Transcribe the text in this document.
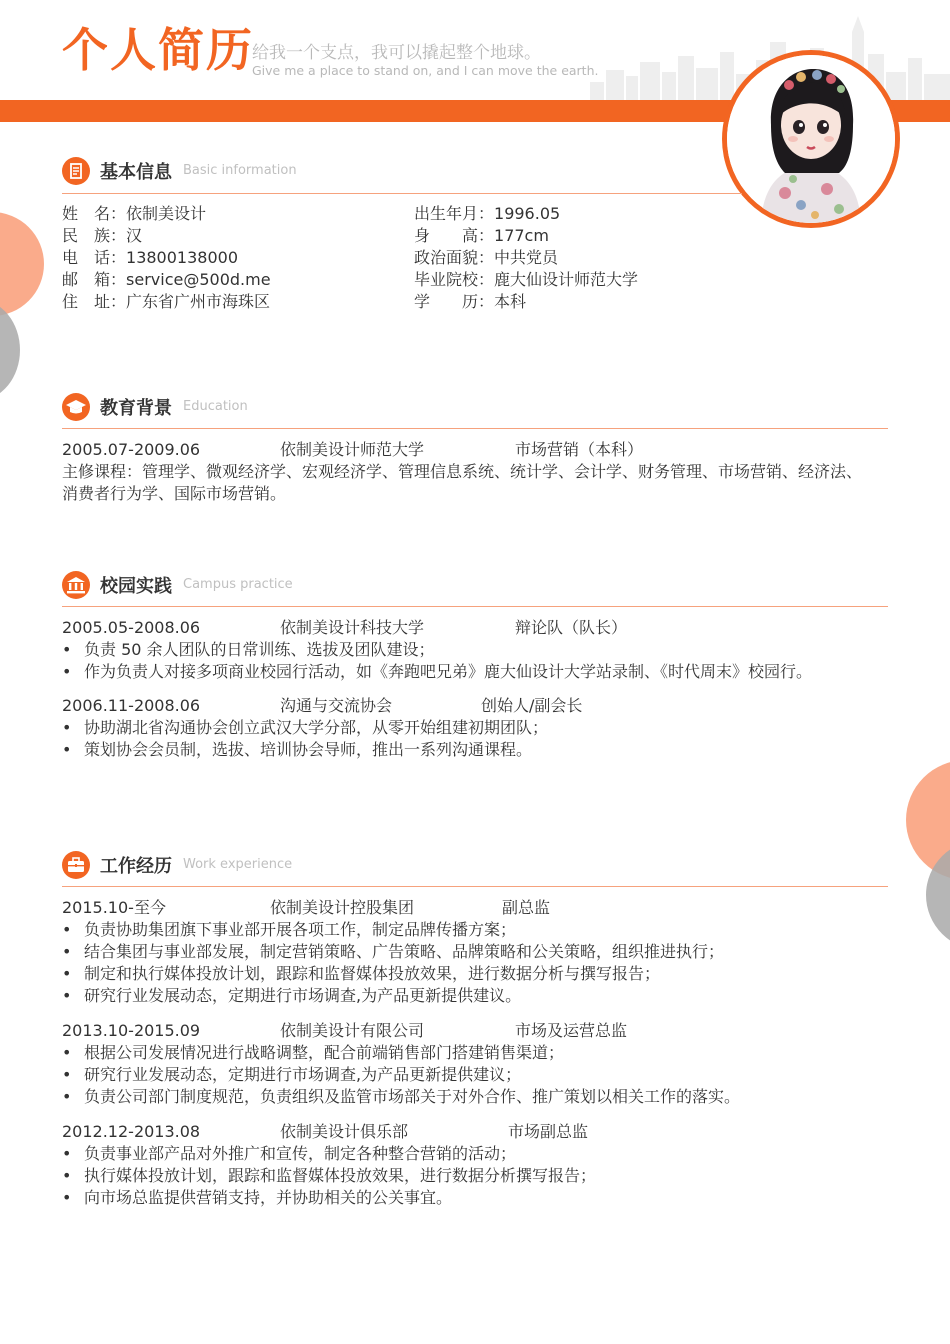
个人简历
给我一个支点，我可以撬起整个地球。
Give me a place to stand on, and I can move the earth.
基本信息 Basic information
姓　名：依制美设计
民　族：汉
电　话：13800138000
邮　箱：service@500d.me
住　址：广东省广州市海珠区
出生年月：1996.05
身　　高：177cm
政治面貌：中共党员
毕业院校：鹿大仙设计师范大学
学　　历：本科
教育背景 Education
2005.07-2009.06	依制美设计师范大学	市场营销（本科）
主修课程：管理学、微观经济学、宏观经济学、管理信息系统、统计学、会计学、财务管理、市场营销、经济法、
消费者行为学、国际市场营销。
校园实践 Campus practice
2005.05-2008.06	依制美设计科技大学	辩论队（队长）
• 负责 50 余人团队的日常训练、选拔及团队建设；
• 作为负责人对接多项商业校园行活动，如《奔跑吧兄弟》鹿大仙设计大学站录制、《时代周末》校园行。
2006.11-2008.06	沟通与交流协会	创始人/副会长
• 协助湖北省沟通协会创立武汉大学分部，从零开始组建初期团队；
• 策划协会会员制，选拔、培训协会导师，推出一系列沟通课程。
工作经历 Work experience
2015.10-至今	依制美设计控股集团	副总监
• 负责协助集团旗下事业部开展各项工作，制定品牌传播方案；
• 结合集团与事业部发展，制定营销策略、广告策略、品牌策略和公关策略，组织推进执行；
• 制定和执行媒体投放计划，跟踪和监督媒体投放效果，进行数据分析与撰写报告；
• 研究行业发展动态，定期进行市场调查,为产品更新提供建议。
2013.10-2015.09	依制美设计有限公司	市场及运营总监
• 根据公司发展情况进行战略调整，配合前端销售部门搭建销售渠道；
• 研究行业发展动态，定期进行市场调查,为产品更新提供建议；
• 负责公司部门制度规范，负责组织及监管市场部关于对外合作、推广策划以相关工作的落实。
2012.12-2013.08	依制美设计俱乐部	市场副总监
• 负责事业部产品对外推广和宣传，制定各种整合营销的活动；
• 执行媒体投放计划，跟踪和监督媒体投放效果，进行数据分析撰写报告；
• 向市场总监提供营销支持，并协助相关的公关事宜。
